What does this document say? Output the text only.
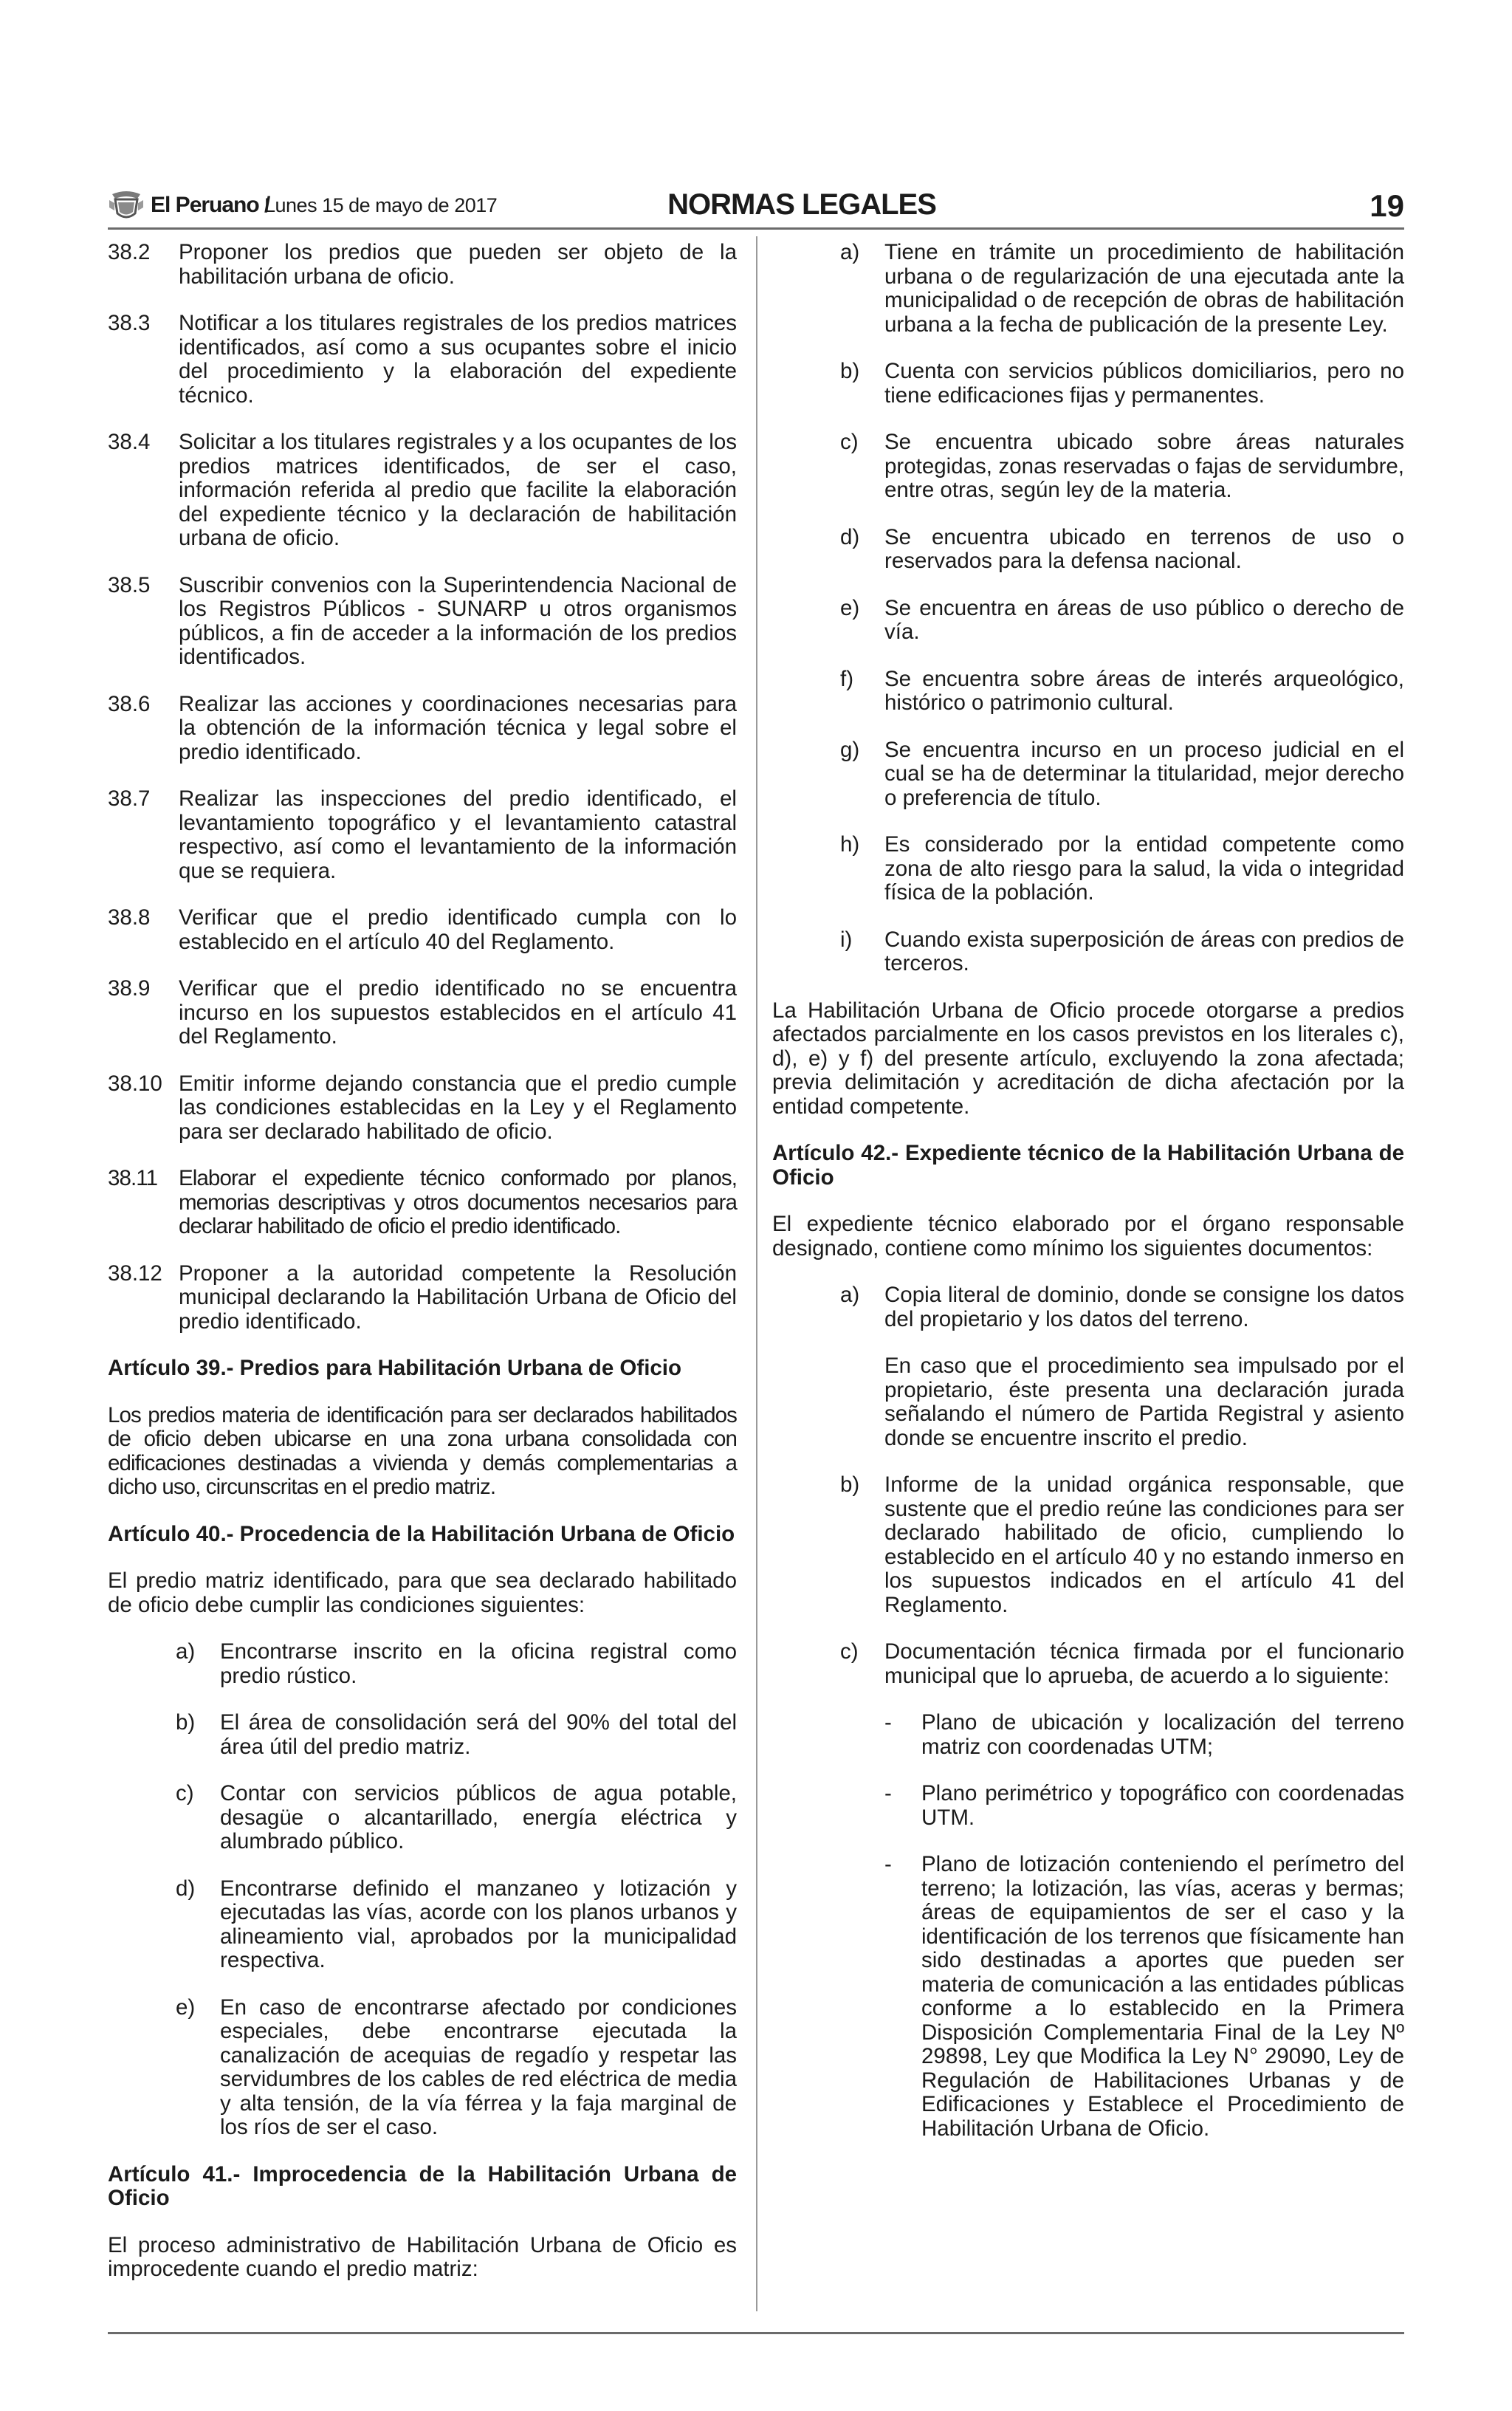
El Peruano /
Lunes 15 de mayo de 2017	NORMAS LEGALES	19
38.2	Proponer los predios que pueden ser objeto de la habilitación urbana de oficio.
38.3	Notificar a los titulares registrales de los predios matrices identificados, así como a sus ocupantes sobre el inicio del procedimiento y la elaboración del expediente técnico.
38.4	Solicitar a los titulares registrales y a los ocupantes de los predios matrices identificados, de ser el caso, información referida al predio que facilite la elaboración del expediente técnico y la declaración de habilitación urbana de oficio.
38.5	Suscribir convenios con la Superintendencia Nacional de los Registros Públicos - SUNARP u otros organismos públicos, a fin de acceder a la información de los predios identificados.
38.6	Realizar las acciones y coordinaciones necesarias para la obtención de la información técnica y legal sobre el predio identificado.
38.7	Realizar las inspecciones del predio identificado, el levantamiento topográfico y el levantamiento catastral respectivo, así como el levantamiento de la información que se requiera.
38.8	Verificar que el predio identificado cumpla con lo establecido en el artículo 40 del Reglamento.
38.9	Verificar que el predio identificado no se encuentra incurso en los supuestos establecidos en el artículo 41 del Reglamento.
38.10 Emitir informe dejando constancia que el predio cumple las condiciones establecidas en la Ley y el Reglamento para ser declarado habilitado de oficio.
38.11 Elaborar el expediente técnico conformado por planos, memorias descriptivas y otros documentos necesarios para declarar habilitado de oficio el predio identificado.
38.12 Proponer a la autoridad competente la Resolución municipal declarando la Habilitación Urbana de Oficio del predio identificado.

Artículo 39.- Predios para Habilitación Urbana de Oficio

Los predios materia de identificación para ser declarados habilitados de oficio deben ubicarse en una zona urbana consolidada con edificaciones destinadas a vivienda y demás complementarias a dicho uso, circunscritas en el predio matriz.

Artículo 40.- Procedencia de la Habilitación Urbana de Oficio

El predio matriz identificado, para que sea declarado habilitado de oficio debe cumplir las condiciones siguientes:

a)	Encontrarse inscrito en la oficina registral como predio rústico.
b)	El área de consolidación será del 90% del total del área útil del predio matriz.
c)	Contar con servicios públicos de agua potable, desagüe o alcantarillado, energía eléctrica y alumbrado público.
d)	Encontrarse definido el manzaneo y lotización y ejecutadas las vías, acorde con los planos urbanos y alineamiento vial, aprobados por la municipalidad respectiva.
e)	En caso de encontrarse afectado por condiciones especiales, debe encontrarse ejecutada la canalización de acequias de regadío y respetar las servidumbres de los cables de red eléctrica de media y alta tensión, de la vía férrea y la faja marginal de los ríos de ser el caso.

Artículo 41.- Improcedencia de la Habilitación Urbana de Oficio

El proceso administrativo de Habilitación Urbana de Oficio es improcedente cuando el predio matriz:

a)	Tiene en trámite un procedimiento de habilitación urbana o de regularización de una ejecutada ante la municipalidad o de recepción de obras de habilitación urbana a la fecha de publicación de la presente Ley.
b)	Cuenta con servicios públicos domiciliarios, pero no tiene edificaciones fijas y permanentes.
c)	Se encuentra ubicado sobre áreas naturales protegidas, zonas reservadas o fajas de servidumbre, entre otras, según ley de la materia.
d)	Se encuentra ubicado en terrenos de uso o reservados para la defensa nacional.
e)	Se encuentra en áreas de uso público o derecho de vía.
f)	Se encuentra sobre áreas de interés arqueológico, histórico o patrimonio cultural.
g)	Se encuentra incurso en un proceso judicial en el cual se ha de determinar la titularidad, mejor derecho o preferencia de título.
h)	Es considerado por la entidad competente como zona de alto riesgo para la salud, la vida o integridad física de la población.
i)	Cuando exista superposición de áreas con predios de terceros.

La Habilitación Urbana de Oficio procede otorgarse a predios afectados parcialmente en los casos previstos en los literales c), d), e) y f) del presente artículo, excluyendo la zona afectada; previa delimitación y acreditación de dicha afectación por la entidad competente.

Artículo 42.- Expediente técnico de la Habilitación Urbana de Oficio

El expediente técnico elaborado por el órgano responsable designado, contiene como mínimo los siguientes documentos:

a)	Copia literal de dominio, donde se consigne los datos del propietario y los datos del terreno.

En caso que el procedimiento sea impulsado por el propietario, éste presenta una declaración jurada señalando el número de Partida Registral y asiento donde se encuentre inscrito el predio.

b)	Informe de la unidad orgánica responsable, que sustente que el predio reúne las condiciones para ser declarado habilitado de oficio, cumpliendo lo establecido en el artículo 40 y no estando inmerso en los supuestos indicados en el artículo 41 del Reglamento.
c)	Documentación técnica firmada por el funcionario municipal que lo aprueba, de acuerdo a lo siguiente:
-	Plano de ubicación y localización del terreno matriz con coordenadas UTM;
-	Plano perimétrico y topográfico con coordenadas UTM.
-	Plano de lotización conteniendo el perímetro del terreno; la lotización, las vías, aceras y bermas; áreas de equipamientos de ser el caso y la identificación de los terrenos que físicamente han sido destinadas a aportes que pueden ser materia de comunicación a las entidades públicas conforme a lo establecido en la Primera Disposición Complementaria Final de la Ley Nº 29898, Ley que Modifica la Ley N° 29090, Ley de Regulación de Habilitaciones Urbanas y de Edificaciones y Establece el Procedimiento de Habilitación Urbana de Oficio.
